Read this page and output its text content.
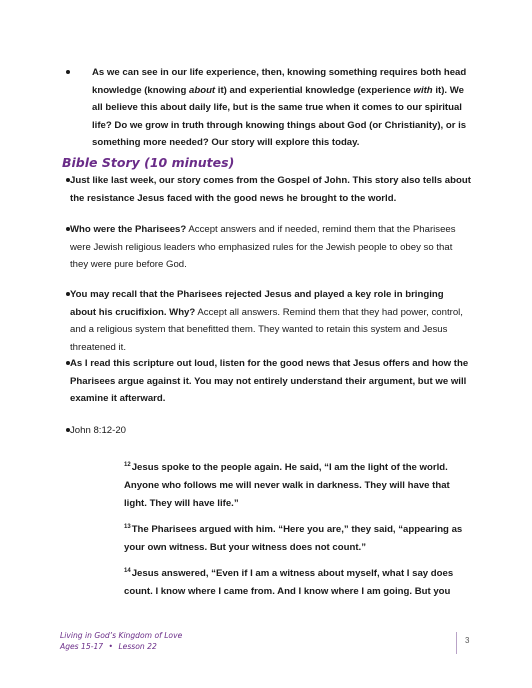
As we can see in our life experience, then, knowing something requires both head knowledge (knowing about it) and experiential knowledge (experience with it). We all believe this about daily life, but is the same true when it comes to our spiritual life? Do we grow in truth through knowing things about God (or Christianity), or is something more needed? Our story will explore this today.

Bible Story (10 minutes)

Just like last week, our story comes from the Gospel of John. This story also tells about the resistance Jesus faced with the good news he brought to the world.

Who were the Pharisees? Accept answers and if needed, remind them that the Pharisees were Jewish religious leaders who emphasized rules for the Jewish people to obey so that they were pure before God.

You may recall that the Pharisees rejected Jesus and played a key role in bringing about his crucifixion. Why? Accept all answers. Remind them that they had power, control, and a religious system that benefitted them. They wanted to retain this system and Jesus threatened it.

As I read this scripture out loud, listen for the good news that Jesus offers and how the Pharisees argue against it. You may not entirely understand their argument, but we will examine it afterward.

John 8:12-20

$^{12}$Jesus spoke to the people again. He said, “I am the light of the world. Anyone who follows me will never walk in darkness. They will have that light. They will have life.”

$^{13}$The Pharisees argued with him. “Here you are,” they said, “appearing as your own witness. But your witness does not count.”

$^{14}$Jesus answered, “Even if I am a witness about myself, what I say does count. I know where I came from. And I know where I am going. But you

Living in God’s Kingdom of Love
Ages 15-17 • Lesson 22
3
